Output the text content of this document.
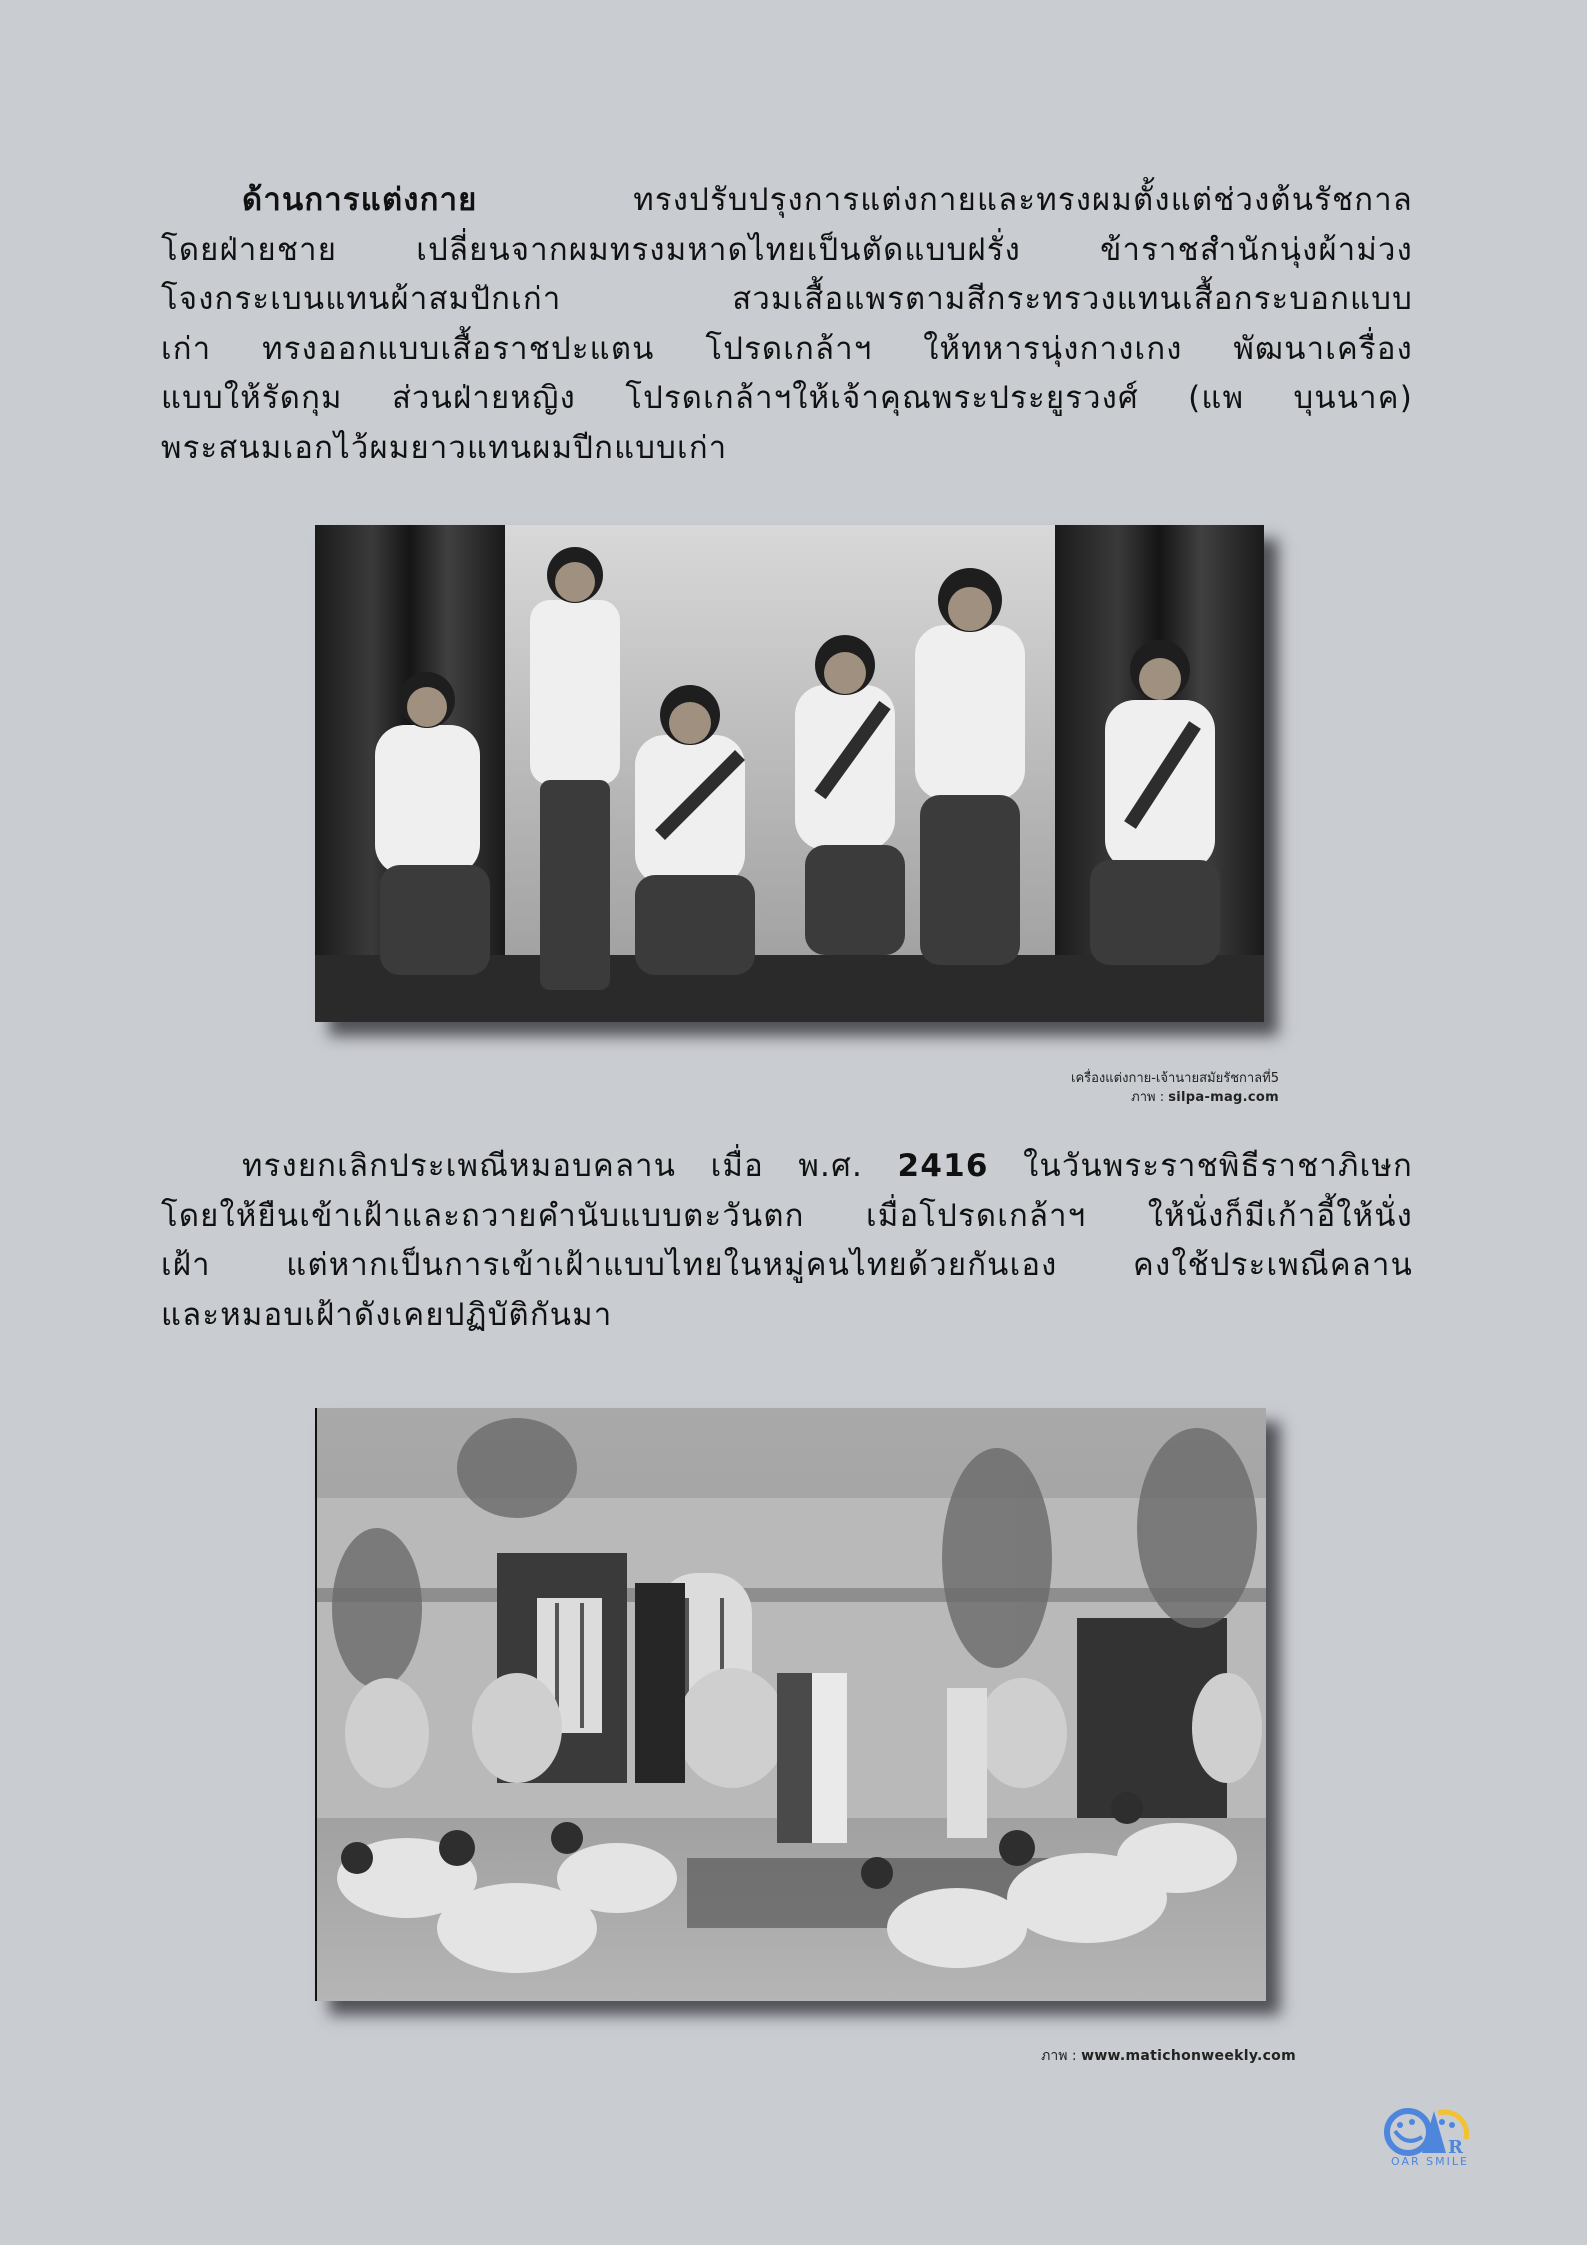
ด้านการแต่งกาย ทรงปรับปรุงการแต่งกายและทรงผมตั้งแต่ช่วงต้นรัชกาล
โดยฝ่ายชาย เปลี่ยนจากผมทรงมหาดไทยเป็นตัดแบบฝรั่ง ข้าราชสำนักนุ่งผ้าม่วง
โจงกระเบนแทนผ้าสมปักเก่า สวมเสื้อแพรตามสีกระทรวงแทนเสื้อกระบอกแบบ
เก่า ทรงออกแบบเสื้อราชปะแตน โปรดเกล้าฯ ให้ทหารนุ่งกางเกง พัฒนาเครื่อง
แบบให้รัดกุม ส่วนฝ่ายหญิง โปรดเกล้าฯให้เจ้าคุณพระประยูรวงศ์ (แพ บุนนาค)
พระสนมเอกไว้ผมยาวแทนผมปีกแบบเก่า
เครื่องแต่งกาย-เจ้านายสมัยรัชกาลที่5
ภาพ : silpa-mag.com
ทรงยกเลิกประเพณีหมอบคลาน เมื่อ พ.ศ. 2416 ในวันพระราชพิธีราชาภิเษก
โดยให้ยืนเข้าเฝ้าและถวายคำนับแบบตะวันตก เมื่อโปรดเกล้าฯ ให้นั่งก็มีเก้าอี้ให้นั่ง
เฝ้า แต่หากเป็นการเข้าเฝ้าแบบไทยในหมู่คนไทยด้วยกันเอง คงใช้ประเพณีคลาน
และหมอบเฝ้าดังเคยปฏิบัติกันมา
ภาพ : www.matichonweekly.com
R
OAR SMILE
